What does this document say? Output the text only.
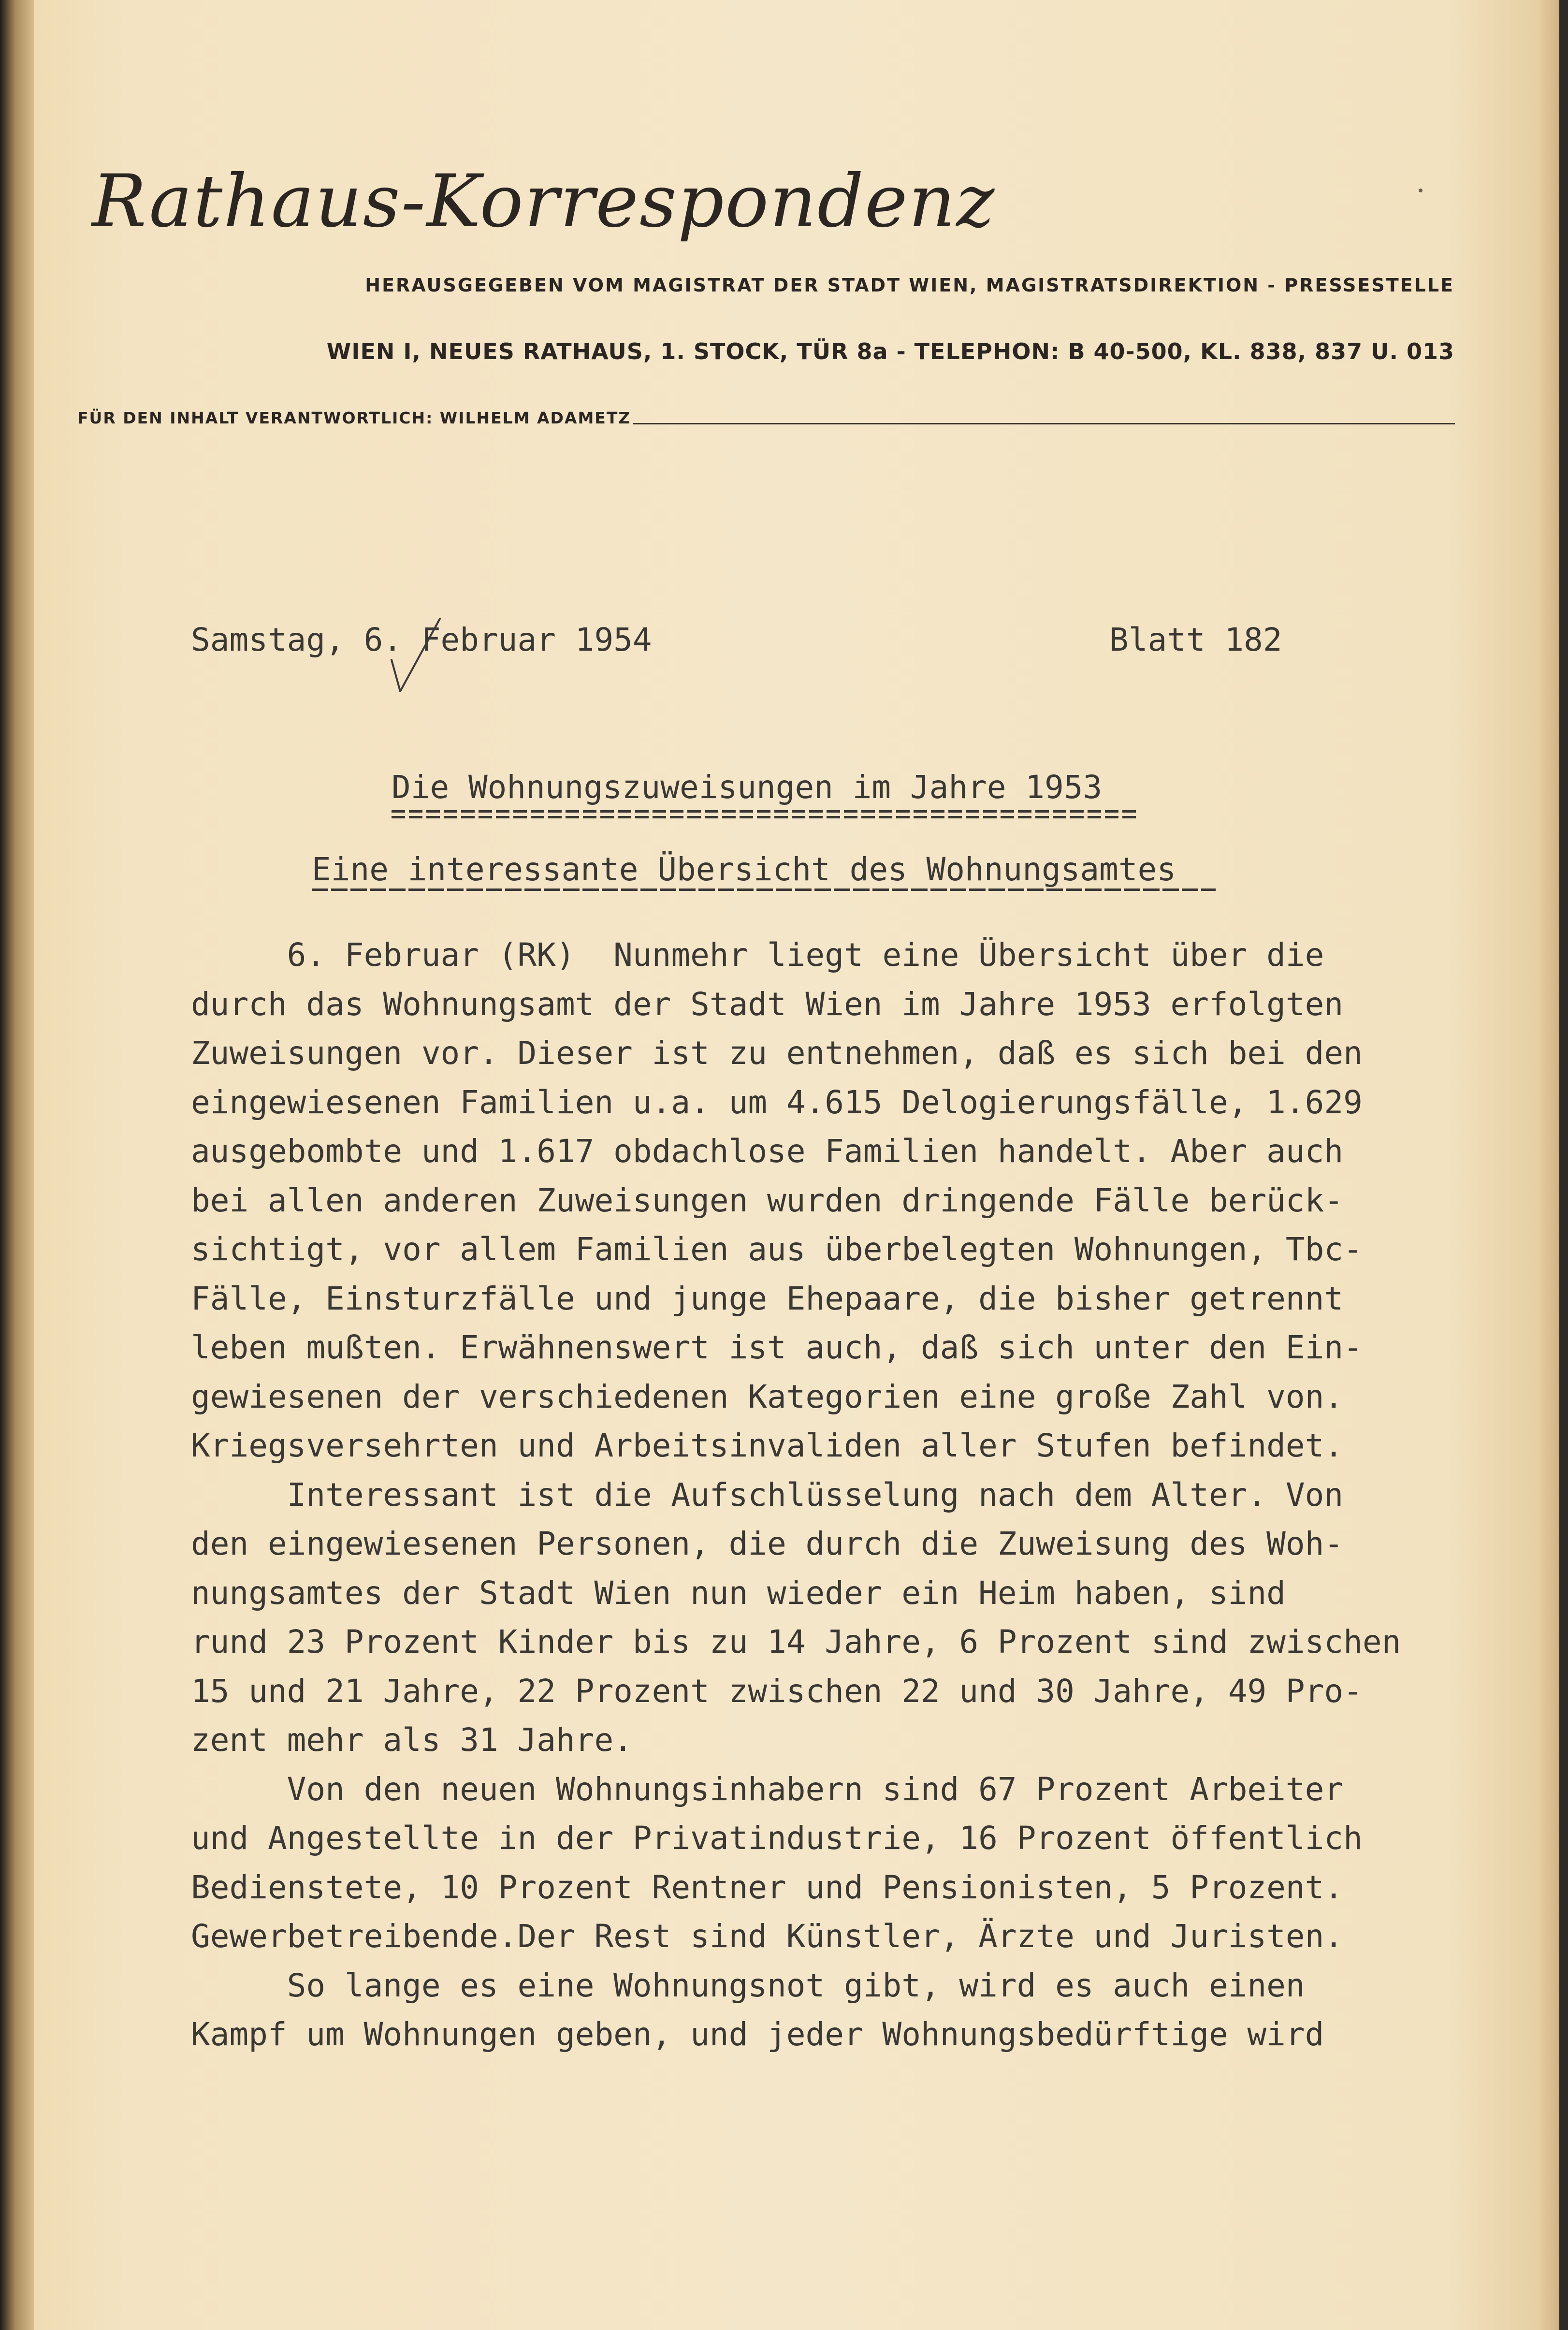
Rathaus-Korrespondenz
HERAUSGEGEBEN VOM MAGISTRAT DER STADT WIEN, MAGISTRATSDIREKTION - PRESSESTELLE
WIEN I, NEUES RATHAUS, 1. STOCK, TÜR 8a - TELEPHON: B 40-500, KL. 838, 837 U. 013
FÜR DEN INHALT VERANTWORTLICH: WILHELM ADAMETZ
Samstag, 6. Februar 1954	Blatt 182
Die Wohnungszuweisungen im Jahre 1953
Eine interessante Übersicht des Wohnungsamtes
6. Februar (RK)  Nunmehr liegt eine Übersicht über die
durch das Wohnungsamt der Stadt Wien im Jahre 1953 erfolgten
Zuweisungen vor. Dieser ist zu entnehmen, daß es sich bei den
eingewiesenen Familien u.a. um 4.615 Delogierungsfälle, 1.629
ausgebombte und 1.617 obdachlose Familien handelt. Aber auch
bei allen anderen Zuweisungen wurden dringende Fälle berück-
sichtigt, vor allem Familien aus überbelegten Wohnungen, Tbc-
Fälle, Einsturzfälle und junge Ehepaare, die bisher getrennt
leben mußten. Erwähnenswert ist auch, daß sich unter den Ein-
gewiesenen der verschiedenen Kategorien eine große Zahl von.
Kriegsversehrten und Arbeitsinvaliden aller Stufen befindet.
Interessant ist die Aufschlüsselung nach dem Alter. Von
den eingewiesenen Personen, die durch die Zuweisung des Woh-
nungsamtes der Stadt Wien nun wieder ein Heim haben, sind
rund 23 Prozent Kinder bis zu 14 Jahre, 6 Prozent sind zwischen
15 und 21 Jahre, 22 Prozent zwischen 22 und 30 Jahre, 49 Pro-
zent mehr als 31 Jahre.
Von den neuen Wohnungsinhabern sind 67 Prozent Arbeiter
und Angestellte in der Privatindustrie, 16 Prozent öffentlich
Bedienstete, 10 Prozent Rentner und Pensionisten, 5 Prozent.
Gewerbetreibende.Der Rest sind Künstler, Ärzte und Juristen.
So lange es eine Wohnungsnot gibt, wird es auch einen
Kampf um Wohnungen geben, und jeder Wohnungsbedürftige wird
